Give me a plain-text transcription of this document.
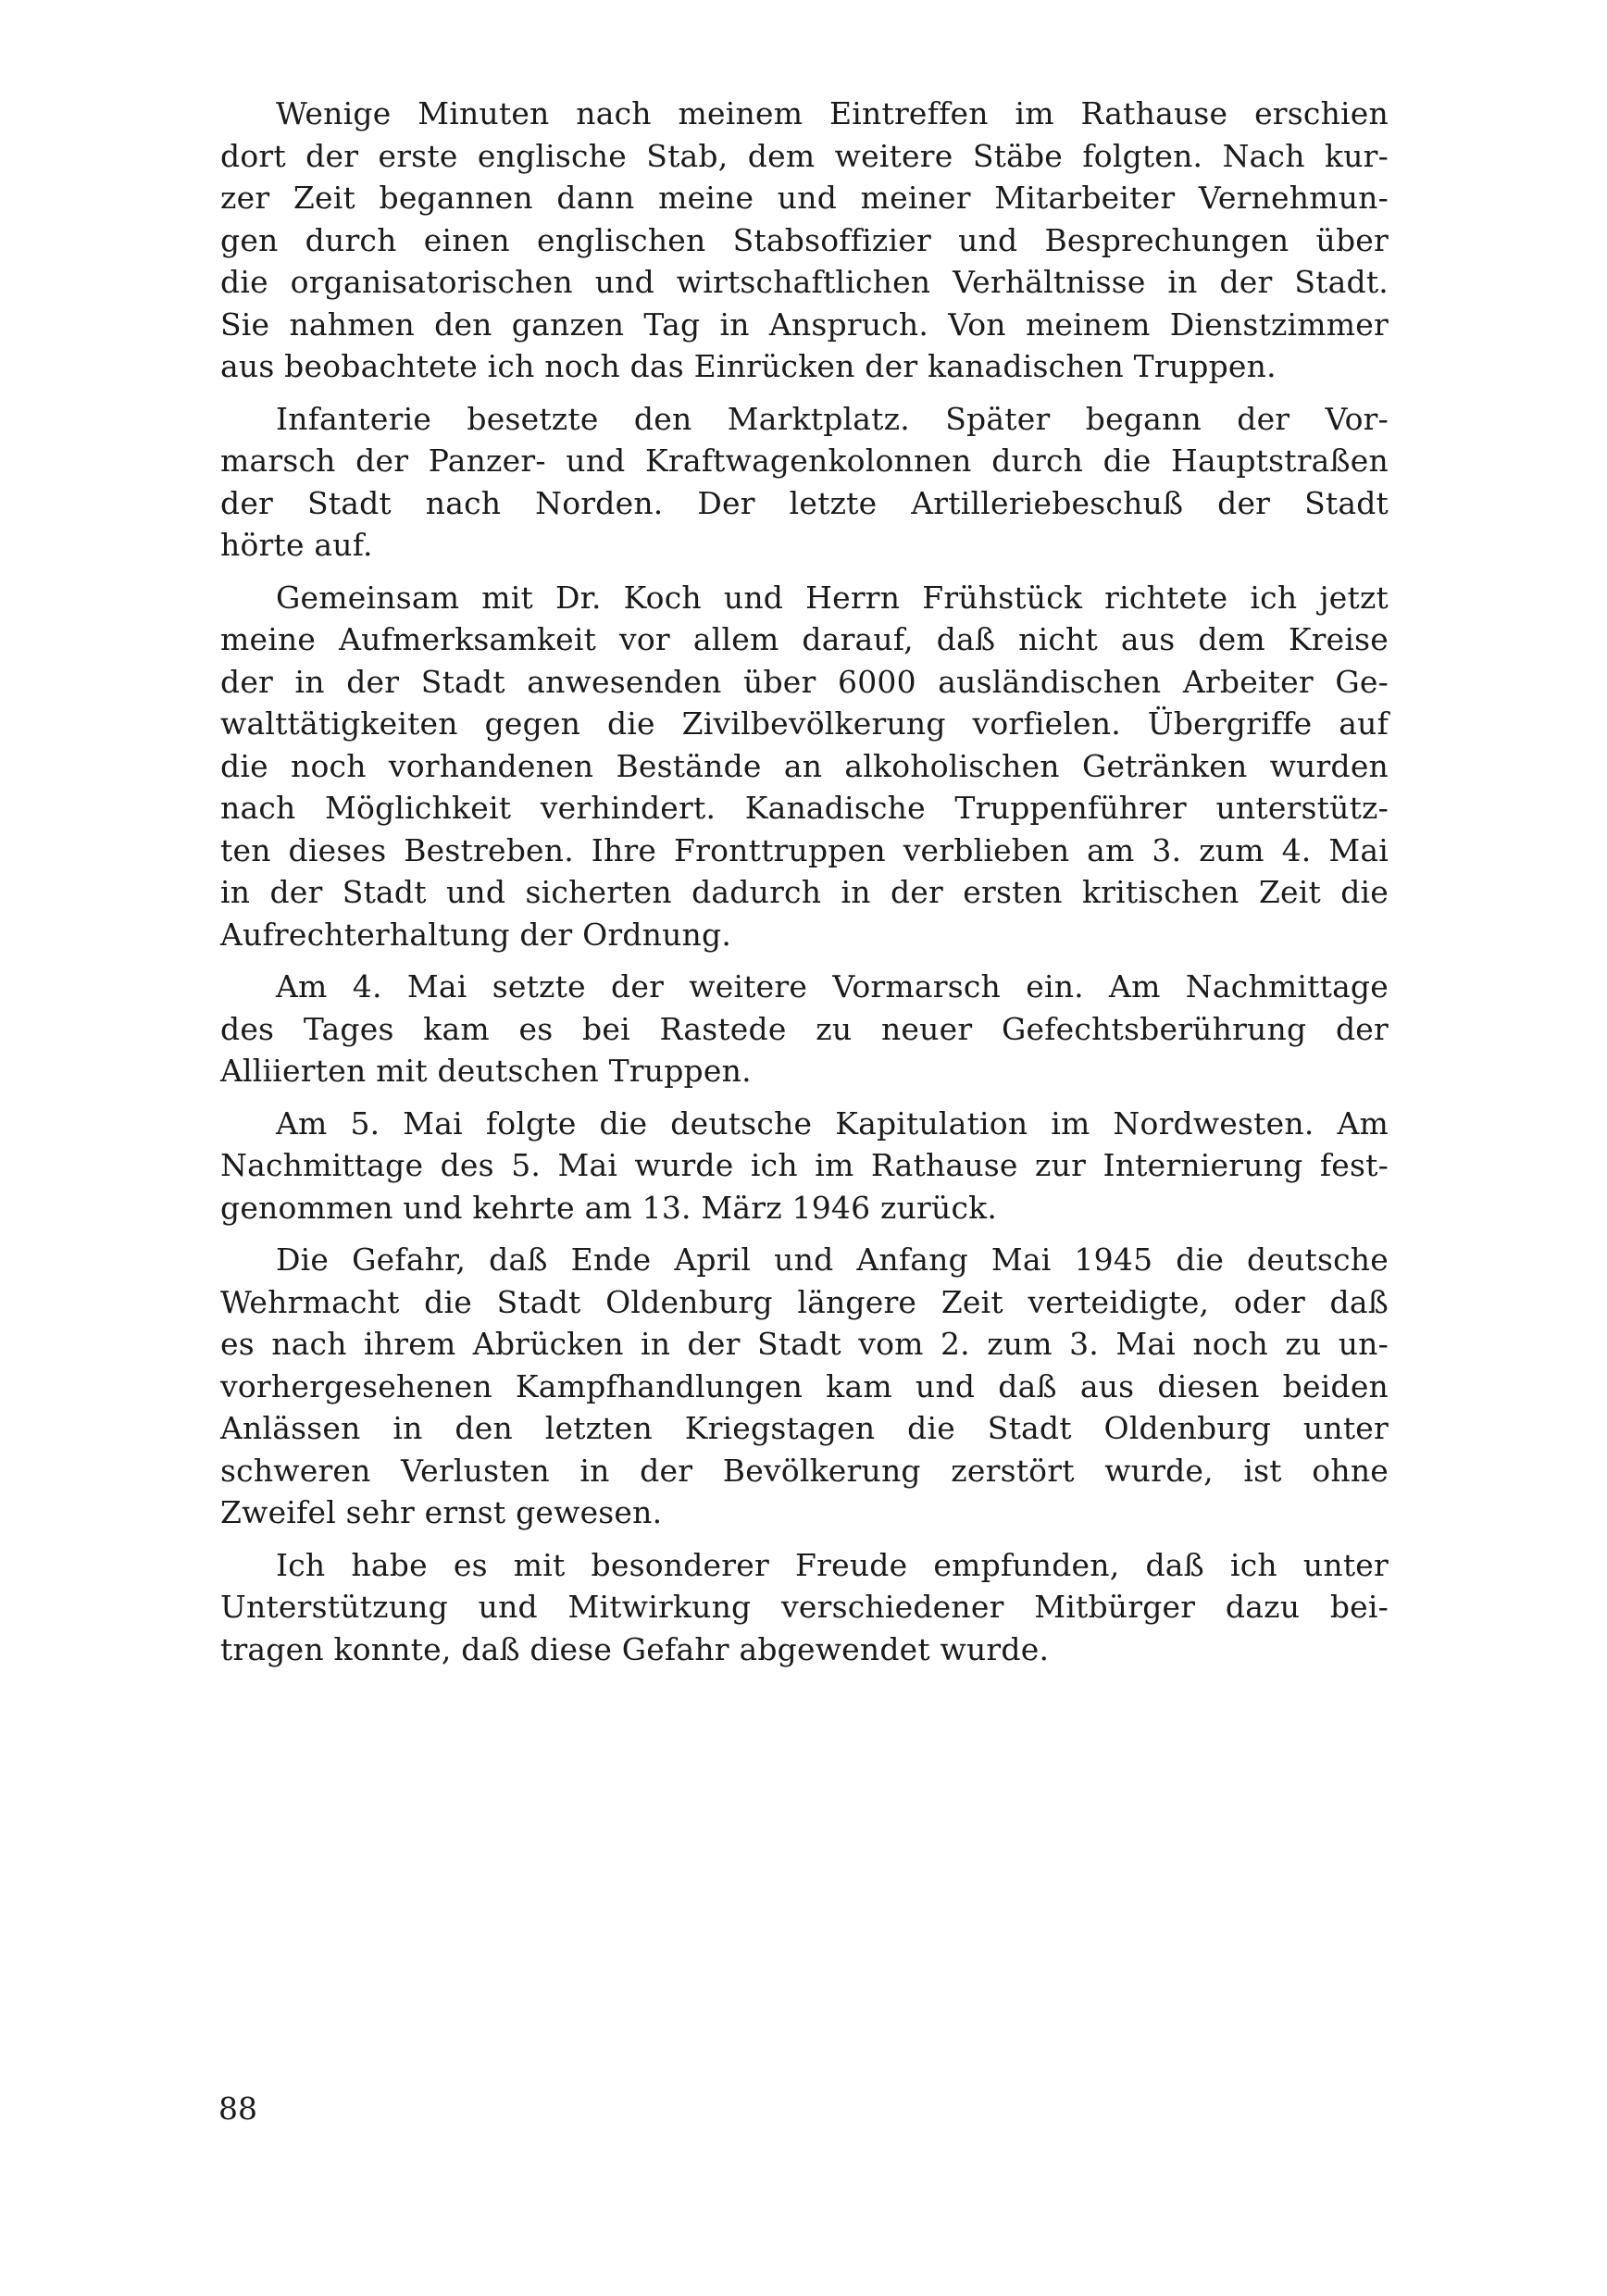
Wenige Minuten nach meinem Eintreffen im Rathause erschien
dort der erste englische Stab, dem weitere Stäbe folgten. Nach kur-
zer Zeit begannen dann meine und meiner Mitarbeiter Vernehmun-
gen durch einen englischen Stabsoffizier und Besprechungen über
die organisatorischen und wirtschaftlichen Verhältnisse in der Stadt.
Sie nahmen den ganzen Tag in Anspruch. Von meinem Dienstzimmer
aus beobachtete ich noch das Einrücken der kanadischen Truppen.
Infanterie besetzte den Marktplatz. Später begann der Vor-
marsch der Panzer- und Kraftwagenkolonnen durch die Hauptstraßen
der Stadt nach Norden. Der letzte Artilleriebeschuß der Stadt
hörte auf.
Gemeinsam mit Dr. Koch und Herrn Frühstück richtete ich jetzt
meine Aufmerksamkeit vor allem darauf, daß nicht aus dem Kreise
der in der Stadt anwesenden über 6000 ausländischen Arbeiter Ge-
walttätigkeiten gegen die Zivilbevölkerung vorfielen. Übergriffe auf
die noch vorhandenen Bestände an alkoholischen Getränken wurden
nach Möglichkeit verhindert. Kanadische Truppenführer unterstütz-
ten dieses Bestreben. Ihre Fronttruppen verblieben am 3. zum 4. Mai
in der Stadt und sicherten dadurch in der ersten kritischen Zeit die
Aufrechterhaltung der Ordnung.
Am 4. Mai setzte der weitere Vormarsch ein. Am Nachmittage
des Tages kam es bei Rastede zu neuer Gefechtsberührung der
Alliierten mit deutschen Truppen.
Am 5. Mai folgte die deutsche Kapitulation im Nordwesten. Am
Nachmittage des 5. Mai wurde ich im Rathause zur Internierung fest-
genommen und kehrte am 13. März 1946 zurück.
Die Gefahr, daß Ende April und Anfang Mai 1945 die deutsche
Wehrmacht die Stadt Oldenburg längere Zeit verteidigte, oder daß
es nach ihrem Abrücken in der Stadt vom 2. zum 3. Mai noch zu un-
vorhergesehenen Kampfhandlungen kam und daß aus diesen beiden
Anlässen in den letzten Kriegstagen die Stadt Oldenburg unter
schweren Verlusten in der Bevölkerung zerstört wurde, ist ohne
Zweifel sehr ernst gewesen.
Ich habe es mit besonderer Freude empfunden, daß ich unter
Unterstützung und Mitwirkung verschiedener Mitbürger dazu bei-
tragen konnte, daß diese Gefahr abgewendet wurde.
88
